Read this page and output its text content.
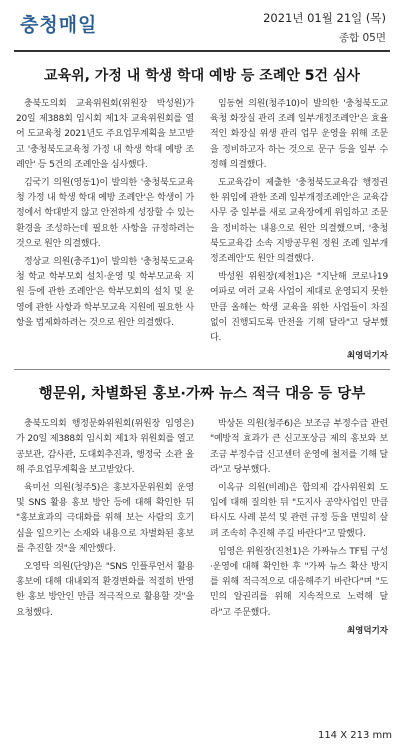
충청매일	2021년 01월 21일 (목)
종합 05면
교육위, 가정 내 학생 학대 예방 등 조례안 5건 심사

충북도의회 교육위원회(위원장 박성원)가 20일 제388회 임시회 제1차 교육위원회를 열어 도교육청 2021년도 주요업무계획을 보고받고 '충청북도교육청 가정 내 학생 학대 예방 조례안' 등 5건의 조례안을 심사했다.

김국기 의원(영동1)이 발의한 '충청북도교육청 가정 내 학생 학대 예방 조례안'은 학생이 가정에서 학대받지 않고 안전하게 성장할 수 있는 환경을 조성하는데 필요한 사항을 규정하려는 것으로 원안 의결했다.

정상교 의원(충주1)이 발의한 '충청북도교육청 학교 학부모회 설치·운영 및 학부모교육 지원 등에 관한 조례안'은 학부모회의 설치 및 운영에 관한 사항과 학부모교육 지원에 필요한 사항을 법제화하려는 것으로 원안 의결했다.

임동현 의원(청주10)이 발의한 '충청북도교육청 화장실 관리 조례 일부개정조례안'은 효율적인 화장실 위생 관리 업무 운영을 위해 조문을 정비하고자 하는 것으로 문구 등을 일부 수정해 의결했다.

도교육감이 제출한 '충청북도교육감 행정권한 위임에 관한 조례 일부개정조례안'은 교육감 사무 중 일부를 새로 교육장에게 위임하고 조문을 정비하는 내용으로 원안 의결했으며, '충청북도교육감 소속 지방공무원 정원 조례 일부개정조례안'도 원안 의결했다.

박성원 위원장(제천1)은 "지난해 코로나19 여파로 여러 교육 사업이 제대로 운영되지 못한 만큼 올해는 학생 교육을 위한 사업들이 차질 없이 진행되도록 만전을 기해 달라"고 당부했다.

최영덕기자
행문위, 차별화된 홍보·가짜 뉴스 적극 대응 등 당부

충북도의회 행정문화위원회(위원장 임영은)가 20일 제388회 임시회 제1차 위원회를 열고 공보관, 감사관, 도대회추진과, 행정국 소관 올해 주요업무계획을 보고받았다.

육미선 의원(청주5)은 홍보자문위원회 운영 및 SNS 활용 홍보 방안 등에 대해 확인한 뒤 "홍보효과의 극대화를 위해 보는 사람의 호기심을 일으키는 소재와 내용으로 차별화된 홍보를 추진할 것"을 제안했다.

오영탁 의원(단양)은 "SNS 인플루언서 활용 홍보에 대해 대내외적 환경변화를 적절히 반영한 홍보 방안인 만큼 적극적으로 활용할 것"을 요청했다.

박상돈 의원(청주6)은 보조금 부정수급 관련 "예방적 효과가 큰 신고포상금 제의 홍보와 보조금 부정수급 신고센터 운영에 철저를 기해 달라"고 당부했다.

이옥규 의원(비례)은 합의제 감사위원회 도입에 대해 질의한 뒤 "도지사 공약사업인 만큼 타시도 사례 분석 및 관련 규정 등을 면밀히 살펴 조속히 추진해 주길 바란다"고 말했다.

임영은 위원장(진천1)은 가짜뉴스 TF팀 구성·운영에 대해 확인한 후 "가짜 뉴스 확산 방지를 위해 적극적으로 대응해주기 바란다"며 "도민의 알권리를 위해 지속적으로 노력해 달라"고 주문했다.

최영덕기자
114 X 213 mm
